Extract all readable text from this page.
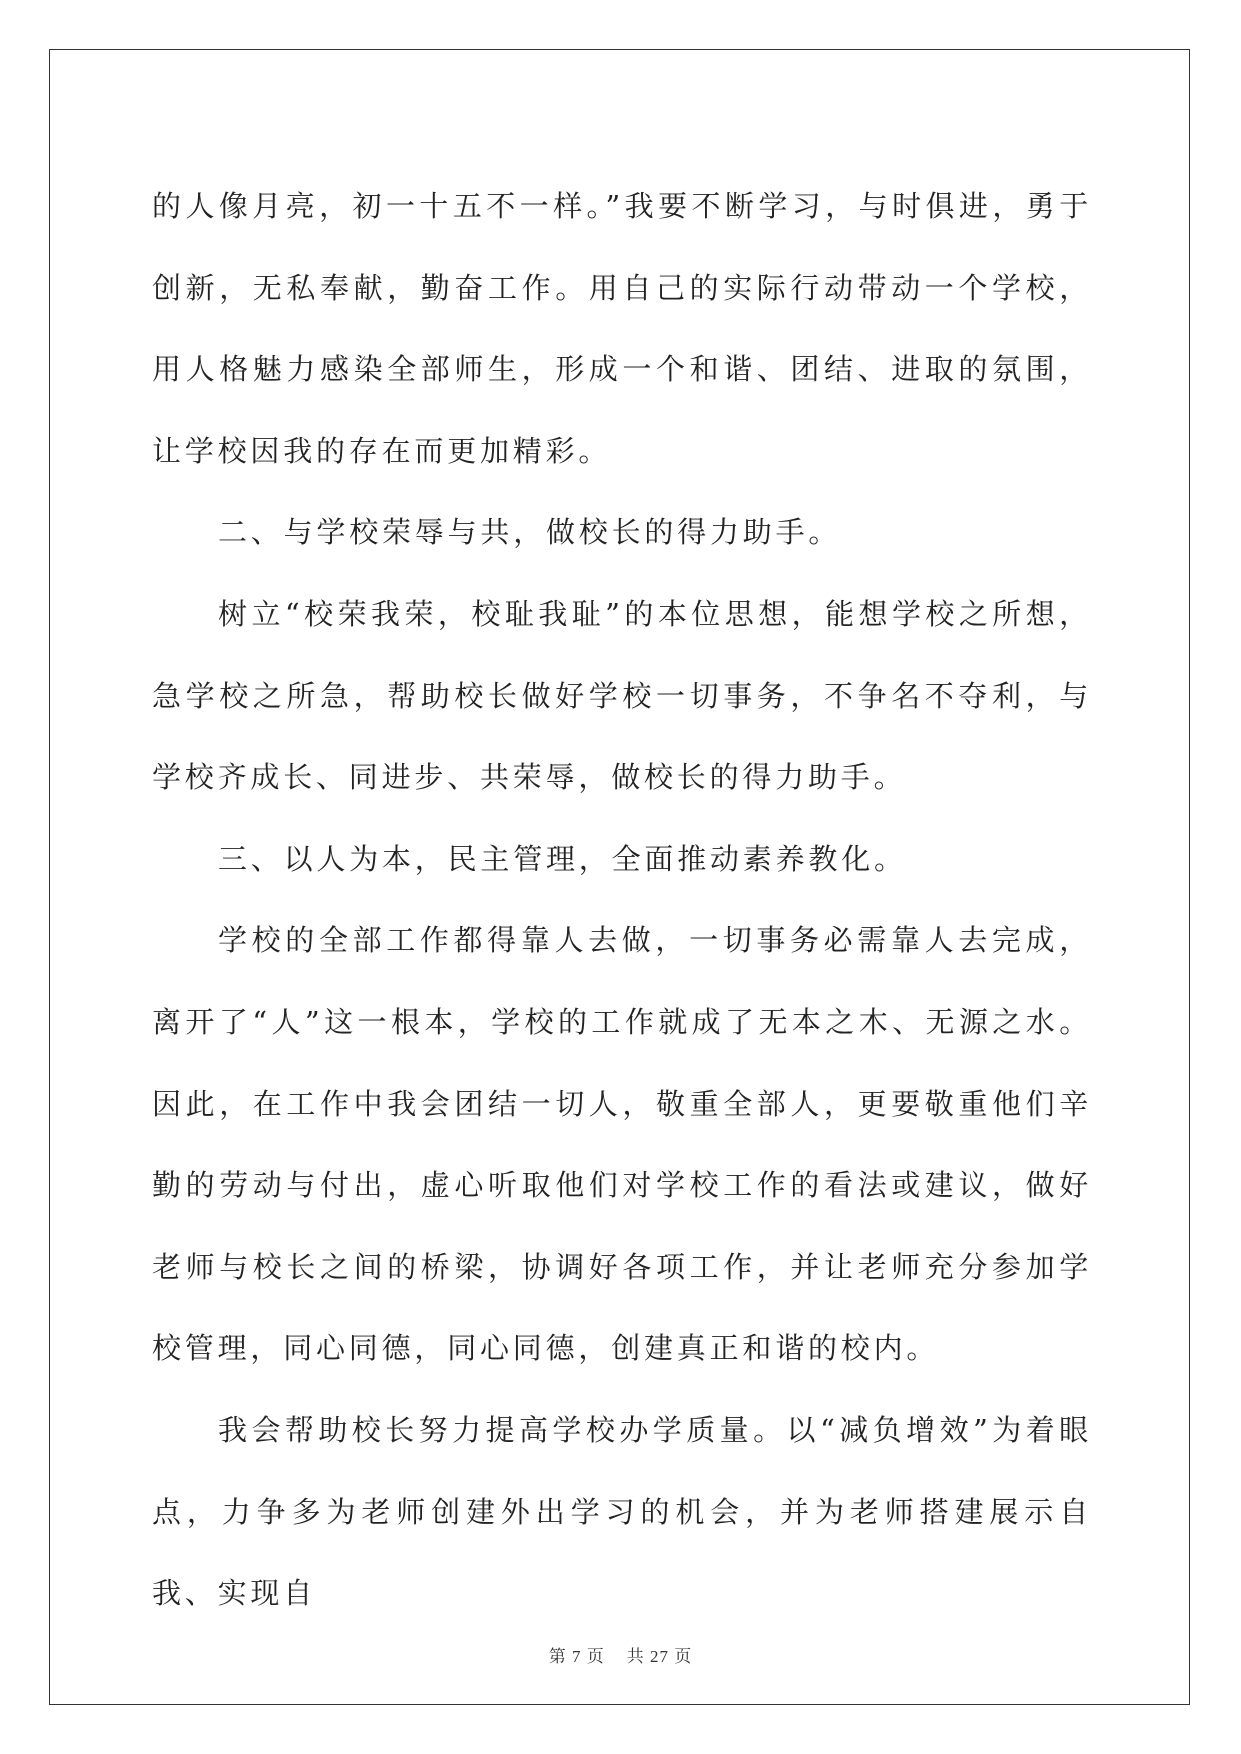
的人像月亮，初一十五不一样。”我要不断学习，与时俱进，勇于创新，无私奉献，勤奋工作。用自己的实际行动带动一个学校，用人格魅力感染全部师生，形成一个和谐、团结、进取的氛围，让学校因我的存在而更加精彩。

二、与学校荣辱与共，做校长的得力助手。

树立“校荣我荣，校耻我耻”的本位思想，能想学校之所想，急学校之所急，帮助校长做好学校一切事务，不争名不夺利，与学校齐成长、同进步、共荣辱，做校长的得力助手。

三、以人为本，民主管理，全面推动素养教化。

学校的全部工作都得靠人去做，一切事务必需靠人去完成，离开了“人”这一根本，学校的工作就成了无本之木、无源之水。因此，在工作中我会团结一切人，敬重全部人，更要敬重他们辛勤的劳动与付出，虚心听取他们对学校工作的看法或建议，做好老师与校长之间的桥梁，协调好各项工作，并让老师充分参加学校管理，同心同德，同心同德，创建真正和谐的校内。

我会帮助校长努力提高学校办学质量。以“减负增效”为着眼点，力争多为老师创建外出学习的机会，并为老师搭建展示自我、实现自

第 7 页 共 27 页
